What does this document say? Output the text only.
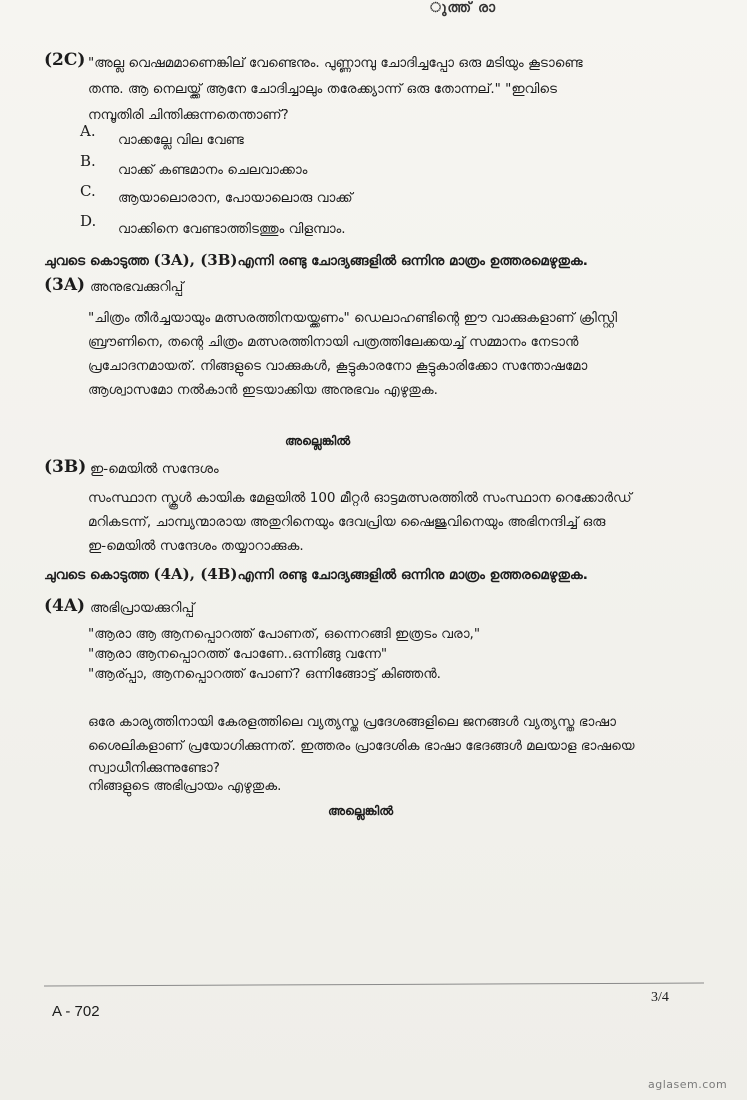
ുത്ത് രാ
(2C) "അല്ല വെഷമമാണെങ്കില് വേണ്ടെനും. പുണ്ണാമ്പു ചോദിച്ചപ്പോ ഒരു മടിയും കൂടാണ്ടെ
തന്നു. ആ നെലയ്ക്ക് ആനേ ചോദിച്ചാലും തരേക്ക്യാന്ന് ഒരു തോന്നല്." "ഇവിടെ
നമ്പൂതിരി ചിന്തിക്കുന്നതെന്താണ്?
A. വാക്കല്ലേ വില വേണ്ട
B. വാക്ക് കണ്ടമാനം ചെലവാക്കാം
C. ആയാലൊരാന, പോയാലൊരു വാക്ക്
D. വാക്കിനെ വേണ്ടാത്തിടത്തും വിളമ്പാം.
ചുവടെ കൊടുത്ത (3A), (3B)എന്നി രണ്ടു ചോദ്യങ്ങളിൽ ഒന്നിനു മാത്രം ഉത്തരമെഴുതുക.
(3A) അനുഭവക്കുറിപ്പ്
"ചിത്രം തീർച്ചയായും മത്സരത്തിനയയ്ക്കണം" ഡെലാഹണ്ടിന്റെ ഈ വാക്കുകളാണ് ക്രിസ്റ്റി
ബ്രൗണിനെ, തന്റെ ചിത്രം മത്സരത്തിനായി പത്രത്തിലേക്കയച്ച് സമ്മാനം നേടാൻ
പ്രചോദനമായത്. നിങ്ങളുടെ വാക്കുകൾ, കൂട്ടുകാരനോ കൂട്ടുകാരിക്കോ സന്തോഷമോ
ആശ്വാസമോ നൽകാൻ ഇടയാക്കിയ അനുഭവം എഴുതുക.
അല്ലെങ്കിൽ
(3B) ഇ-മെയിൽ സന്ദേശം
സംസ്ഥാന സ്കൂൾ കായിക മേളയിൽ 100 മീറ്റർ ഓട്ടമത്സരത്തിൽ സംസ്ഥാന റെക്കോർഡ്
മറികടന്ന്, ചാമ്പ്യന്മാരായ അതുറിനെയും ദേവപ്രിയ ഷൈജുവിനെയും അഭിനന്ദിച്ച് ഒരു
ഇ-മെയിൽ സന്ദേശം തയ്യാറാക്കുക.
ചുവടെ കൊടുത്ത (4A), (4B)എന്നി രണ്ടു ചോദ്യങ്ങളിൽ ഒന്നിനു മാത്രം ഉത്തരമെഴുതുക.
(4A) അഭിപ്രായക്കുറിപ്പ്
"ആരാ ആ ആനപ്പൊറത്ത് പോണത്, ഒന്നെറങ്ങി ഇത്രടം വരാ,"
"ആരാ ആനപ്പൊറത്ത് പോണേ..ഒന്നിങ്ങു വന്നേ"
"ആര്പ്പാ, ആനപ്പൊറത്ത് പോണ്? ഒന്നിങ്ങോട്ട് കിഞ്ഞൻ.
ഒരേ കാര്യത്തിനായി കേരളത്തിലെ വ്യത്യസ്ത പ്രദേശങ്ങളിലെ ജനങ്ങൾ വ്യത്യസ്ത ഭാഷാ
ശൈലികളാണ് പ്രയോഗിക്കുന്നത്. ഇത്തരം പ്രാദേശിക ഭാഷാ ഭേദങ്ങൾ മലയാള ഭാഷയെ
സ്വാധീനിക്കുന്നുണ്ടോ?
നിങ്ങളുടെ അഭിപ്രായം എഴുതുക.
അല്ലെങ്കിൽ
3/4
A - 702
aglasem.com
